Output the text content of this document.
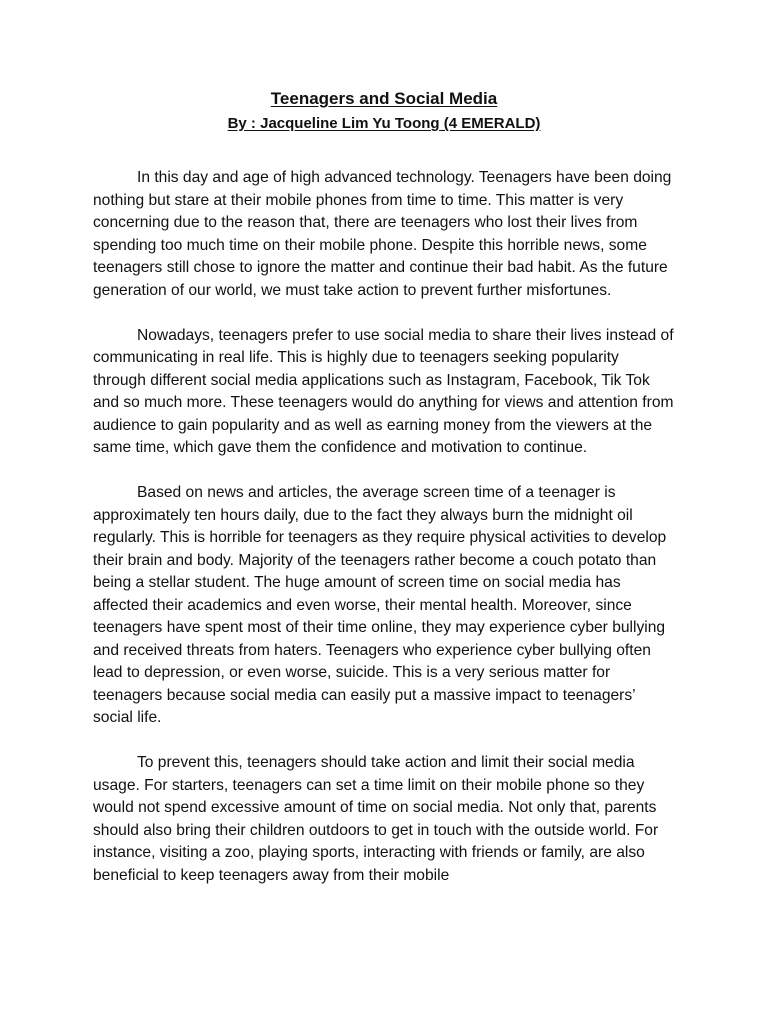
Teenagers and Social Media
By : Jacqueline Lim Yu Toong (4 EMERALD)

In this day and age of high advanced technology. Teenagers have been doing nothing but stare at their mobile phones from time to time. This matter is very concerning due to the reason that, there are teenagers who lost their lives from spending too much time on their mobile phone. Despite this horrible news, some teenagers still chose to ignore the matter and continue their bad habit. As the future generation of our world, we must take action to prevent further misfortunes.

Nowadays, teenagers prefer to use social media to share their lives instead of communicating in real life. This is highly due to teenagers seeking popularity through different social media applications such as Instagram, Facebook, Tik Tok and so much more. These teenagers would do anything for views and attention from audience to gain popularity and as well as earning money from the viewers at the same time, which gave them the confidence and motivation to continue.

Based on news and articles, the average screen time of a teenager is approximately ten hours daily, due to the fact they always burn the midnight oil regularly. This is horrible for teenagers as they require physical activities to develop their brain and body. Majority of the teenagers rather become a couch potato than being a stellar student. The huge amount of screen time on social media has affected their academics and even worse, their mental health. Moreover, since teenagers have spent most of their time online, they may experience cyber bullying and received threats from haters. Teenagers who experience cyber bullying often lead to depression, or even worse, suicide. This is a very serious matter for teenagers because social media can easily put a massive impact to teenagers’ social life.

To prevent this, teenagers should take action and limit their social media usage. For starters, teenagers can set a time limit on their mobile phone so they would not spend excessive amount of time on social media. Not only that, parents should also bring their children outdoors to get in touch with the outside world. For instance, visiting a zoo, playing sports, interacting with friends or family, are also beneficial to keep teenagers away from their mobile
